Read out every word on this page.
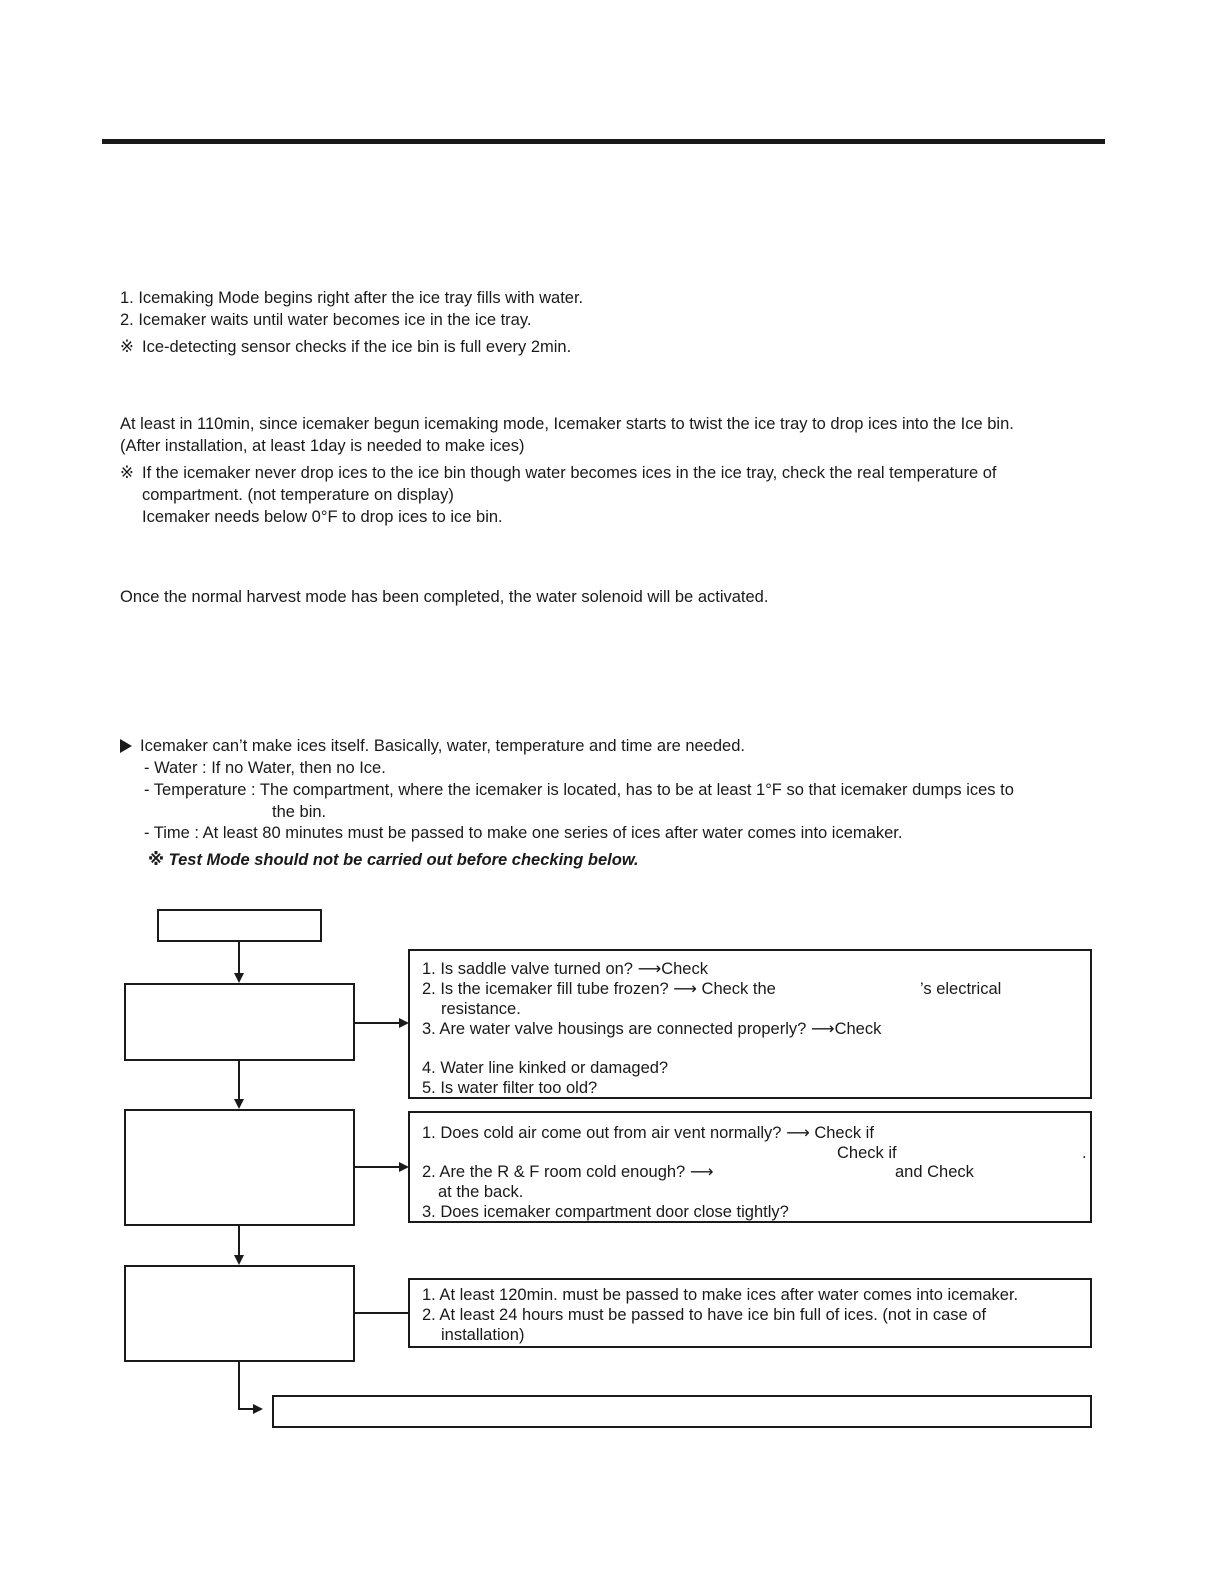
1. Icemaking Mode begins right after the ice tray fills with water.
2. Icemaker waits until water becomes ice in the ice tray.
※ Ice-detecting sensor checks if the ice bin is full every 2min.
At least in 110min, since icemaker begun icemaking mode, Icemaker starts to twist the ice tray to drop ices into the Ice bin.
(After installation, at least 1day is needed to make ices)
※ If the icemaker never drop ices to the ice bin though water becomes ices in the ice tray, check the real temperature of
compartment. (not temperature on display)
Icemaker needs below 0°F to drop ices to ice bin.
Once the normal harvest mode has been completed, the water solenoid will be activated.
Icemaker can’t make ices itself. Basically, water, temperature and time are needed.
- Water : If no Water, then no Ice.
- Temperature : The compartment, where the icemaker is located, has to be at least 1°F so that icemaker dumps ices to
the bin.
- Time : At least 80 minutes must be passed to make one series of ices after water comes into icemaker.
※ Test Mode should not be carried out before checking below.
1. Is saddle valve turned on? ⟶Check
2. Is the icemaker fill tube frozen? ⟶ Check the	’s electrical
resistance.
3. Are water valve housings are connected properly? ⟶Check
4. Water line kinked or damaged?
5. Is water filter too old?
1. Does cold air come out from air vent normally? ⟶ Check if
Check if	.
2. Are the R & F room cold enough? ⟶	and Check
at the back.
3. Does icemaker compartment door close tightly?
1. At least 120min. must be passed to make ices after water comes into icemaker.
2. At least 24 hours must be passed to have ice bin full of ices. (not in case of
installation)
